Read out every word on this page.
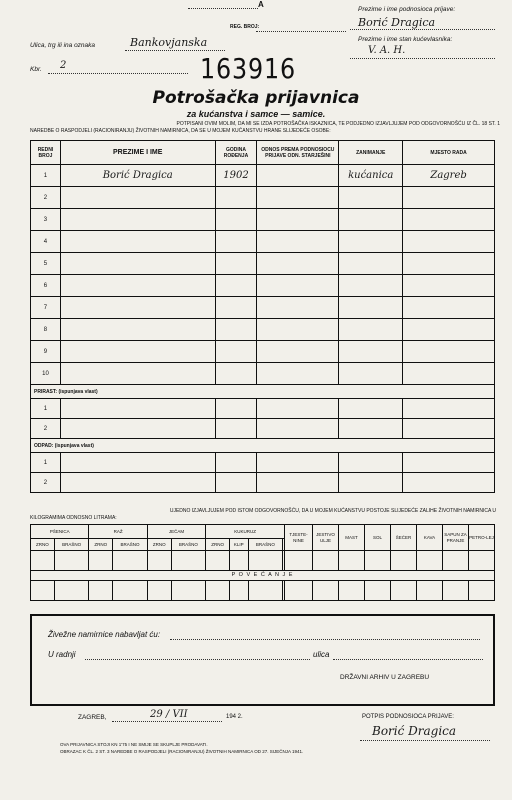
A
Prezime i ime podnosioca prijave:
Borić Dragica
REG. BROJ:
Prezime i ime stan kućevlasnika:
V. A. H.
Ulica, trg ili ina oznaka	Bankovjanska
Kbr. 2	163916
Potrošačka prijavnica
za kućanstva i samce — samice.
POTPISANI OVIM MOLIM, DA MI SE IZDA POTROŠAČKA ISKAZNICA, TE PODJEDNO IZJAVLJUJEM POD ODGOVORNOŠĆU IZ ČL. 18 ST. 1
NAREDBE O RASPODJELI (RACIONIRANJU) ŽIVOTNIH NAMIRNICA, DA SE U MOJEM KUĆANSTVU HRANE SLIJEDEĆE OSOBE:
REDNI BROJ	PREZIME I IME	GODINA ROĐENJA	ODNOS PREMA PODNOSIOCU PRIJAVE ODN. STARJEŠINI	ZANIMANJE	MJESTO RADA
1	Borić Dragica	1902		kućanica	Zagreb
2					
3					
4					
5					
6					
7					
8					
9					
10					
PRIRAST: (ispunjava vlast)					
1					
2					
ODPAD: (ispunjava vlast)					
1					
2					
UJEDNO IZJAVLJUJEM POD ISTOM ODGOVORNOŠĆU, DA U MOJEM KUĆANSTVU POSTOJE SLIJEDEĆE ZALIHE ŽIVOTNIH NAMIRNICA U
KILOGRAMIMA ODNOSNO LITRAMA:
PŠENICA		RAŽ		JEČAM		KUKURUZ				TJESTE-NINE	JESTIVO ULJE	MAST	SOL	ŠEĆER	KAVA	SAPUN ZA PRANJE	PETRO-LEJ
ZRNO	BRAŠNO	ZRNO	BRAŠNO	ZRNO	BRAŠNO	ZRNO	KLIP	BRAŠNO									

P O V E Ć A N J E																	

Živežne namirnice nabavljat ću:
U radnji	ulica
DRŽAVNI ARHIV U ZAGREBU
ZAGREB,	29 / VII	194 2.	POTPIS PODNOSIOCA PRIJAVE:
Borić Dragica
OVA PRIJAVNICA STOJI KN 1'75 I NE SMIJE SE SKUPLJE PRODAVATI.
OBRAZAC K ČL. 2 ST. 3 NAREDBE O RASPODJELI (RACIONIRANJU) ŽIVOTNIH NAMIRNICA OD 27. SIJEČNJA 1941.
